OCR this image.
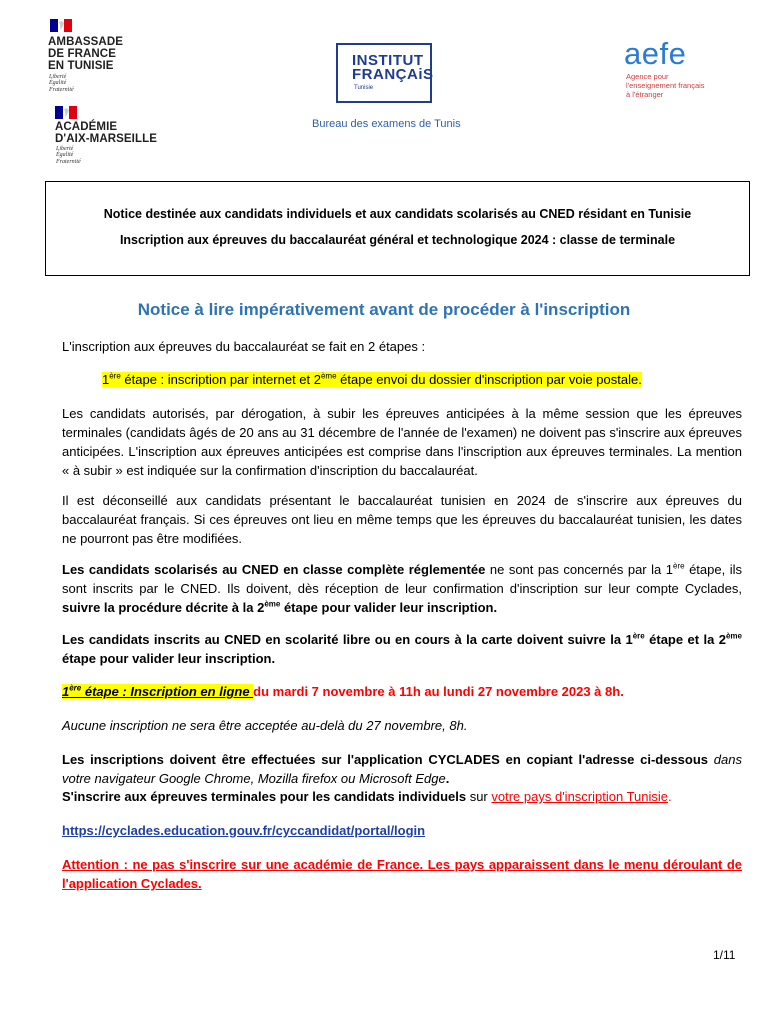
AMBASSADE
DE FRANCE
EN TUNISIE
Liberté
Égalité
Fraternité
ACADÉMIE
D'AIX-MARSEILLE
Liberté
Égalité
Fraternité
INSTITUT
FRANÇAiS
Tunisie
Bureau des examens de Tunis
aefe
Agence pour
l'enseignement français
à l'étranger
Notice destinée aux candidats individuels et aux candidats scolarisés au CNED résidant en Tunisie
Inscription aux épreuves du baccalauréat général et technologique 2024 : classe de terminale
Notice à lire impérativement avant de procéder à l'inscription
L'inscription aux épreuves du baccalauréat se fait en 2 étapes :
1ère étape : inscription par internet et 2ème étape envoi du dossier d'inscription par voie postale.
Les candidats autorisés, par dérogation, à subir les épreuves anticipées à la même session que les épreuves terminales (candidats âgés de 20 ans au 31 décembre de l'année de l'examen) ne doivent pas s'inscrire aux épreuves anticipées. L'inscription aux épreuves anticipées est comprise dans l'inscription aux épreuves terminales. La mention « à subir » est indiquée sur la confirmation d'inscription du baccalauréat.
Il est déconseillé aux candidats présentant le baccalauréat tunisien en 2024 de s'inscrire aux épreuves du baccalauréat français. Si ces épreuves ont lieu en même temps que les épreuves du baccalauréat tunisien, les dates ne pourront pas être modifiées.
Les candidats scolarisés au CNED en classe complète réglementée ne sont pas concernés par la 1ère étape, ils sont inscrits par le CNED. Ils doivent, dès réception de leur confirmation d'inscription sur leur compte Cyclades, suivre la procédure décrite à la 2ème étape pour valider leur inscription.
Les candidats inscrits au CNED en scolarité libre ou en cours à la carte doivent suivre la 1ère étape et la 2ème étape pour valider leur inscription.
1ère étape : Inscription en ligne du mardi 7 novembre à 11h au lundi 27 novembre 2023 à 8h.
Aucune inscription ne sera être acceptée au-delà du 27 novembre, 8h.
Les inscriptions doivent être effectuées sur l'application CYCLADES en copiant l'adresse ci-dessous dans votre navigateur Google Chrome, Mozilla firefox ou Microsoft Edge.
S'inscrire aux épreuves terminales pour les candidats individuels sur votre pays d'inscription Tunisie.
https://cyclades.education.gouv.fr/cyccandidat/portal/login
Attention : ne pas s'inscrire sur une académie de France. Les pays apparaissent dans le menu déroulant de l'application Cyclades.
1/11
